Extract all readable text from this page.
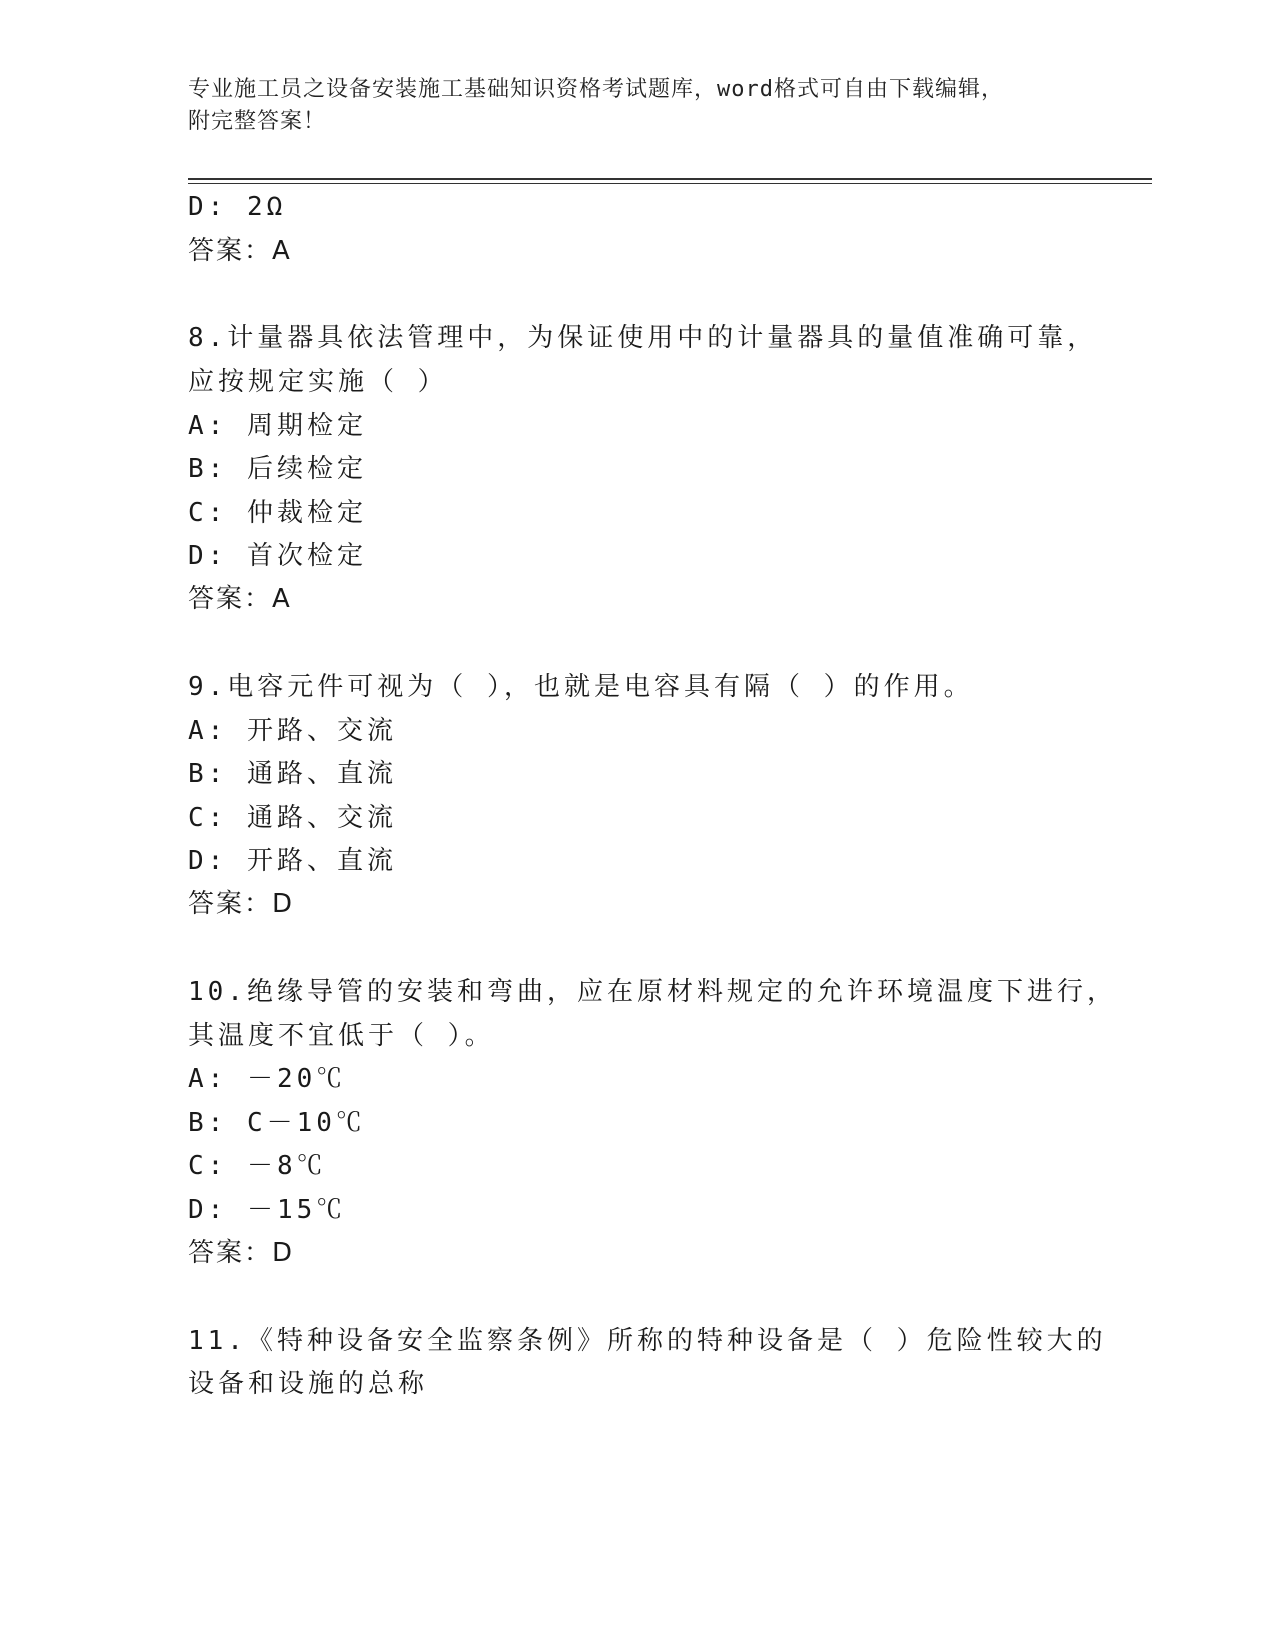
专业施工员之设备安装施工基础知识资格考试题库，word格式可自由下载编辑，
附完整答案！
D: 2Ω
答案：A
8.计量器具依法管理中，为保证使用中的计量器具的量值准确可靠，
应按规定实施（ ）
A: 周期检定
B: 后续检定
C: 仲裁检定
D: 首次检定
答案：A
9.电容元件可视为（ ），也就是电容具有隔（ ）的作用。
A: 开路、交流
B: 通路、直流
C: 通路、交流
D: 开路、直流
答案：D
10.绝缘导管的安装和弯曲，应在原材料规定的允许环境温度下进行，
其温度不宜低于（ ）。
A: －20℃
B: C－10℃
C: －8℃
D: －15℃
答案：D
11.《特种设备安全监察条例》所称的特种设备是（ ）危险性较大的
设备和设施的总称
